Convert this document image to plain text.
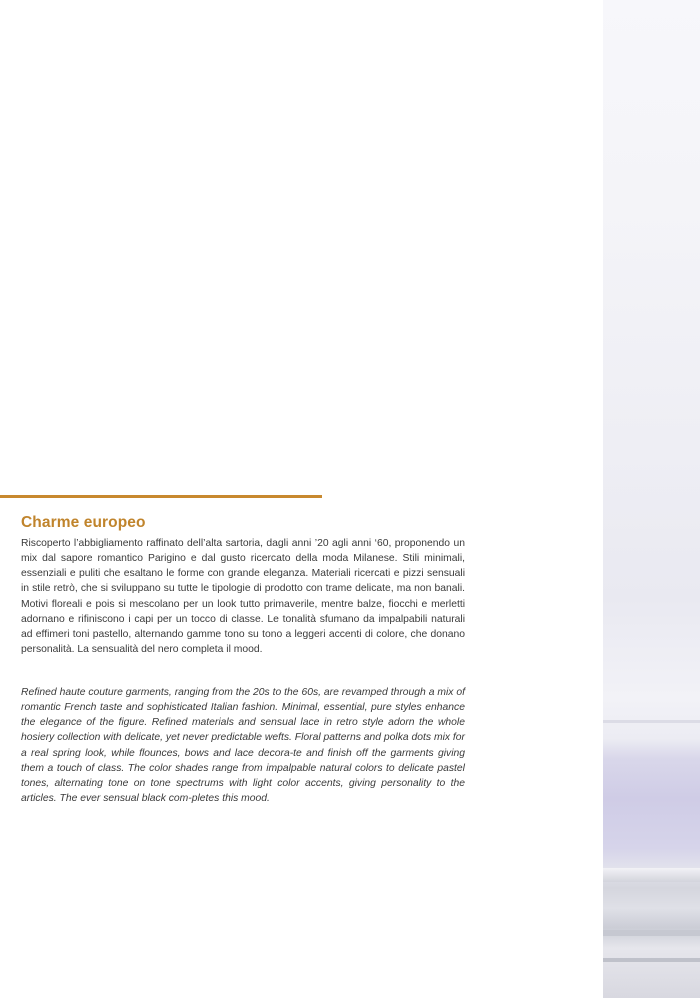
Charme europeo

Riscoperto l’abbigliamento raffinato dell’alta sartoria, dagli anni ’20 agli anni ‘60, proponendo un mix dal sapore romantico Parigino e dal gusto ricercato della moda Milanese. Stili minimali, essenziali e puliti che esaltano le forme con grande eleganza. Materiali ricercati e pizzi sensuali in stile retrò, che si sviluppano su tutte le tipologie di prodotto con trame delicate, ma non banali. Motivi floreali e pois si mescolano per un look tutto primaverile, mentre balze, fiocchi e merletti adornano e rifiniscono i capi per un tocco di classe. Le tonalità sfumano da impalpabili naturali ad effimeri toni pastello, alternando gamme tono su tono a leggeri accenti di colore, che donano personalità. La sensualità del nero completa il mood.

Refined haute couture garments, ranging from the 20s to the 60s, are revamped through a mix of romantic French taste and sophisticated Italian fashion. Minimal, essential, pure styles enhance the elegance of the figure. Refined materials and sensual lace in retro style adorn the whole hosiery collection with delicate, yet never predictable wefts. Floral patterns and polka dots mix for a real spring look, while flounces, bows and lace decora-te and finish off the garments giving them a touch of class. The color shades range from impalpable natural colors to delicate pastel tones, alternating tone on tone spectrums with light color accents, giving personality to the articles. The ever sensual black com-pletes this mood.
